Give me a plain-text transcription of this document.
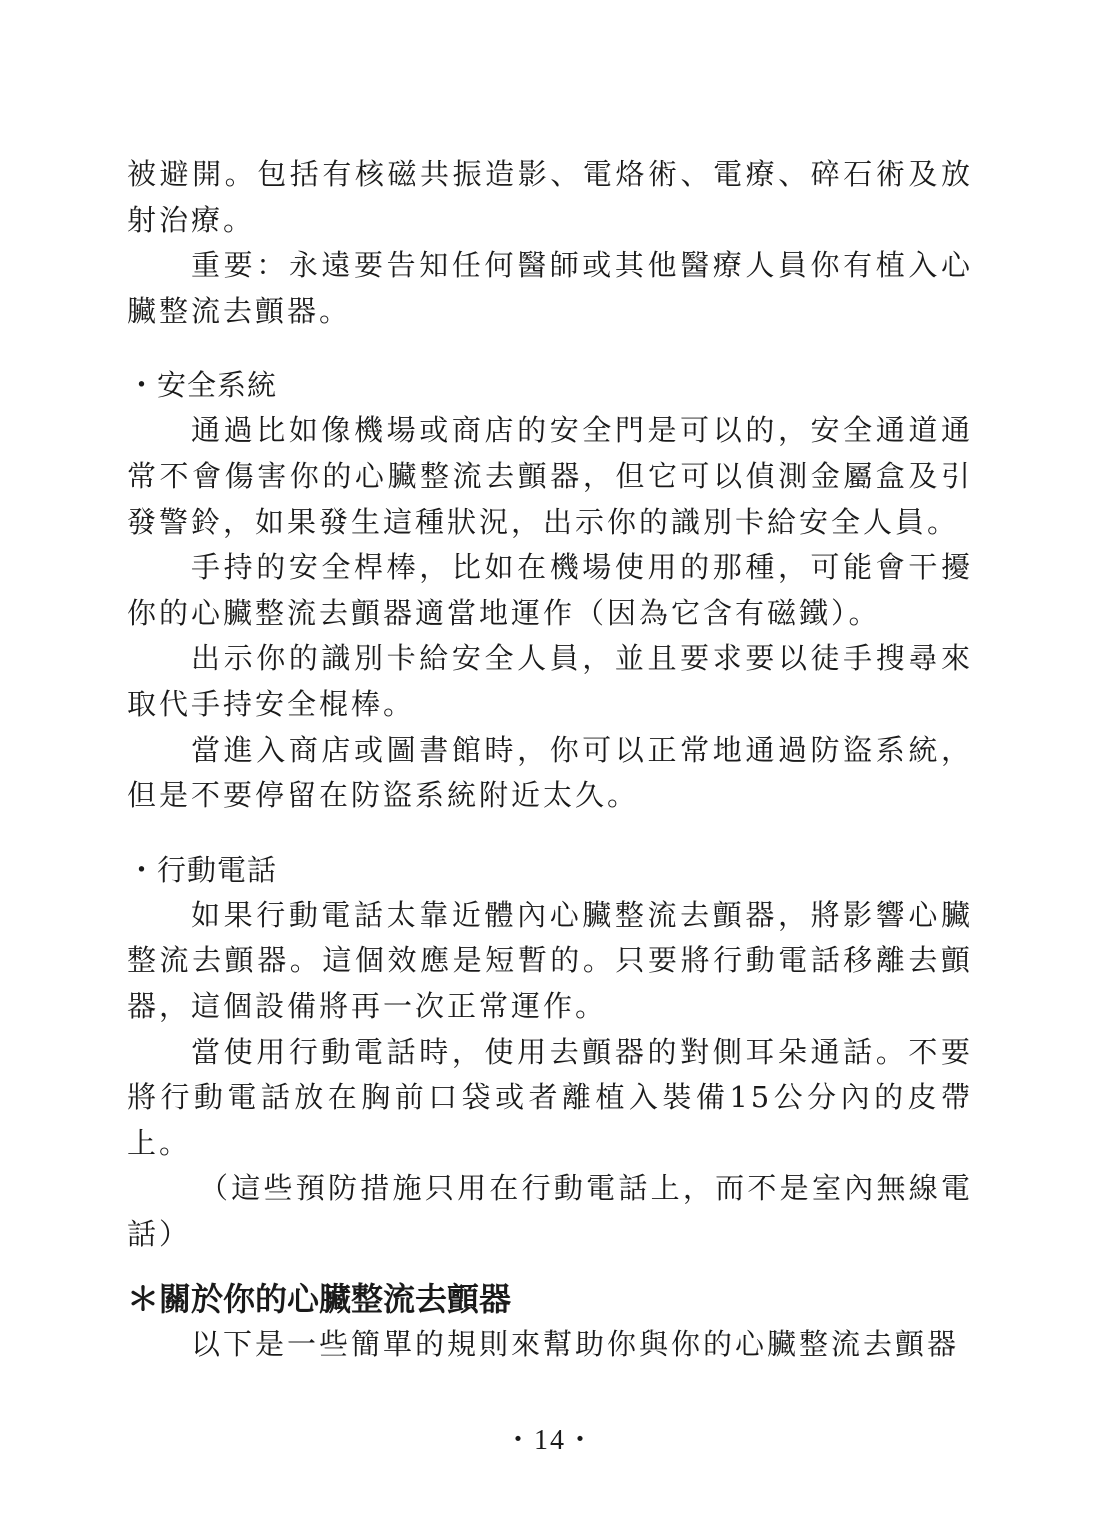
被避開。包括有核磁共振造影、電烙術、電療、碎石術及放射治療。

重要：永遠要告知任何醫師或其他醫療人員你有植入心臟整流去顫器。

・安全系統

通過比如像機場或商店的安全門是可以的，安全通道通常不會傷害你的心臟整流去顫器，但它可以偵測金屬盒及引發警鈴，如果發生這種狀況，出示你的識別卡給安全人員。

手持的安全桿棒，比如在機場使用的那種，可能會干擾你的心臟整流去顫器適當地運作（因為它含有磁鐵）。

出示你的識別卡給安全人員，並且要求要以徒手搜尋來取代手持安全棍棒。

當進入商店或圖書館時，你可以正常地通過防盜系統，但是不要停留在防盜系統附近太久。

・行動電話

如果行動電話太靠近體內心臟整流去顫器，將影響心臟整流去顫器。這個效應是短暫的。只要將行動電話移離去顫器，這個設備將再一次正常運作。

當使用行動電話時，使用去顫器的對側耳朵通話。不要將行動電話放在胸前口袋或者離植入裝備15公分內的皮帶上。

（這些預防措施只用在行動電話上，而不是室內無線電話）

＊關於你的心臟整流去顫器

以下是一些簡單的規則來幫助你與你的心臟整流去顫器

・14・
